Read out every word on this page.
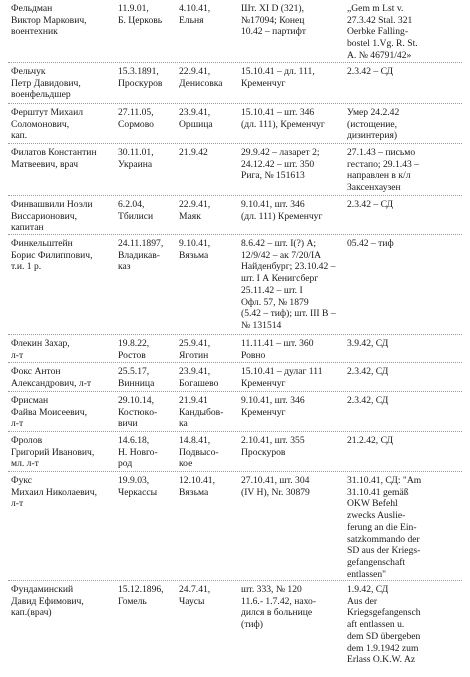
Фельдман
Виктор Маркович,
воентехник
11.9.01,
Б. Церковь
4.10.41,
Ельня
Шт. XI D (321),
№17094; Конец
10.42 – партифт
„Gem m Lst v.
27.3.42 Stal. 321
Oerbke Falling-
bostel 1.Vg. R. St.
A. № 46791/42»
Фельчук
Петр Давидович,
военфельдшер
15.3.1891,
Проскуров
22.9.41,
Денисовка
15.10.41 – дл. 111,
Кременчуг
2.3.42 – СД
Ферштут Михаил
Соломонович,
кап.
27.11.05,
Сормово
23.9.41,
Оршица
15.10.41 – шт. 346
(дл. 111), Кременчуг
Умер 24.2.42
(истощение,
дизинтерия)
Филатов Константин
Матвеевич, врач
30.11.01,
Украина
21.9.42	29.9.42 – лазарет 2;
24.12.42 – шт. 350
Рига, № 151613
27.1.43 – письмо
гестапо; 29.1.43 –
направлен в к/л
Заксенхаузен
Финвашвили Ноэли
Виссарионович,
капитан
6.2.04,
Тбилиси
22.9.41,
Маяк
9.10.41, шт. 346
(дл. 111) Кременчуг
2.3.42 – СД
Финкельштейн
Борис Филиппович,
т.и. 1 р.
24.11.1897,
Владикав-
каз
9.10.41,
Вязьма
8.6.42 – шт. I(?) А;
12/9/42 – ак 7/20/IA
Найденбург; 23.10.42 –
шт. I А Кенигсберг
25.11.42 – шт. I
Офл. 57, № 1879
(5.42 – тиф); шт. III B –
№ 131514
05.42 – тиф
Флекин Захар,
л-т
19.8.22,
Ростов
25.9.41,
Яготин
11.11.41 – шт. 360
Ровно
3.9.42, СД
Фокс Антон
Александрович, л-т
25.5.17,
Винница
23.9.41,
Богашево
15.10.41 – дулаг 111
Кременчуг
2.3.42, СД
Фрисман
Файва Моисеевич,
л-т
29.10.14,
Костюкo-
вичи
21.9.41
Кандыбов-
ка
9.10.41, шт. 346
Кременчуг
2.3.42, СД
Фролов
Григорий Иванович,
мл. л-т
14.6.18,
Н. Новго-
род
14.8.41,
Подвысо-
кое
2.10.41, шт. 355
Проскуров
21.2.42, СД
Фукс
Михаил Николаевич,
л-т
19.9.03,
Черкассы
12.10.41,
Вязьма
27.10.41, шт. 304
(IV H), Nr. 30879
31.10.41, СД: "Am
31.10.41 gemäß
OKW Befehl
zwecks Auslie-
ferung an die Ein-
satzkommando der
SD aus der Kriegs-
gefangenschaft
entlassen"
Фундаминский
Давид Ефимович,
кап.(врач)
15.12.1896,
Гомель
24.7.41,
Чаусы
шт. 333, № 120
11.6.- 1.7.42, нахо-
дился в больнице
(тиф)
1.9.42, СД
Aus der
Kriegsgefangensch
aft entlassen u.
dem SD übergeben
dem 1.9.1942 zum
Erlass O.K.W. Az
